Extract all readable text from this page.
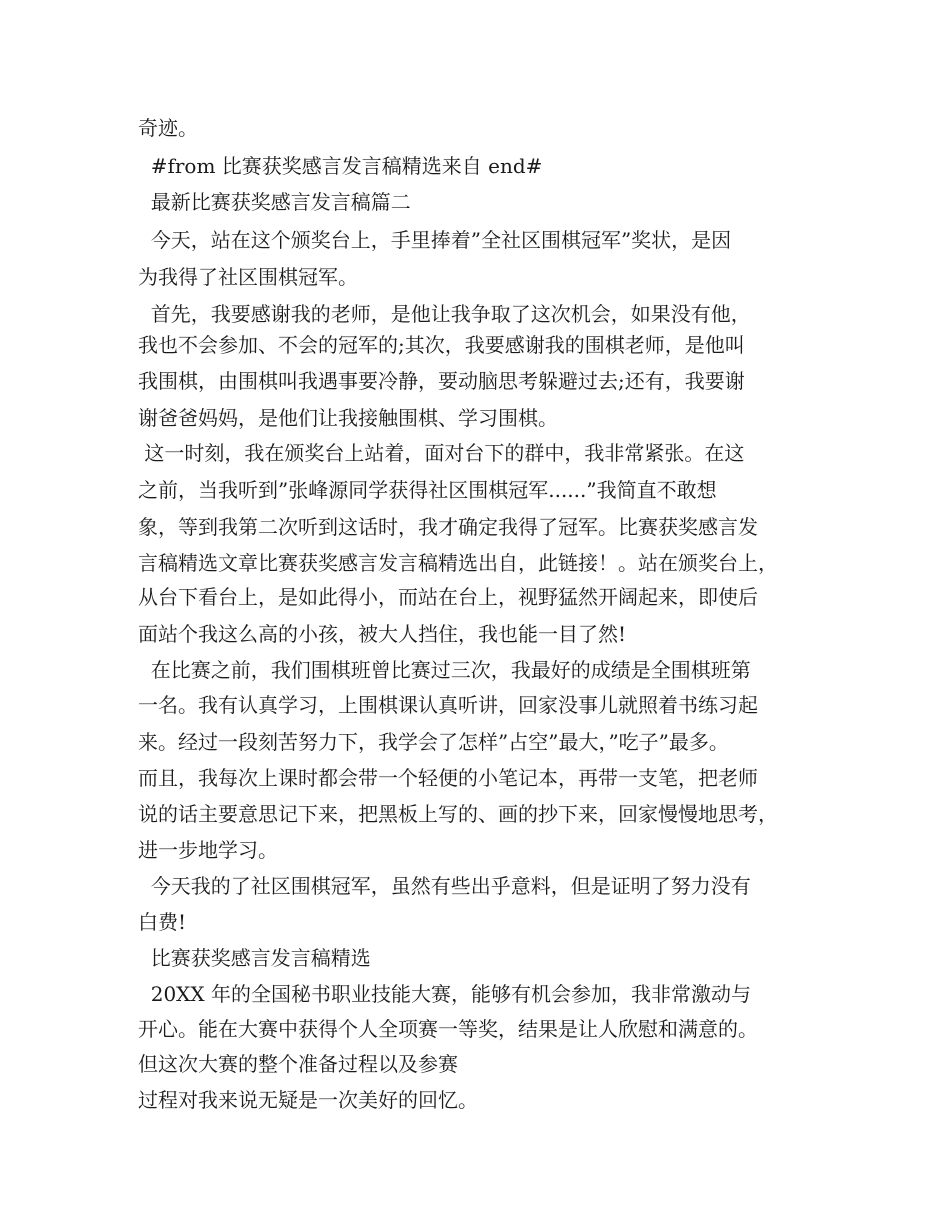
奇迹。
#from 比赛获奖感言发言稿精选来自 end#
最新比赛获奖感言发言稿篇二
今天，站在这个颁奖台上，手里捧着”全社区围棋冠军”奖状，是因
为我得了社区围棋冠军。
首先，我要感谢我的老师，是他让我争取了这次机会，如果没有他，
我也不会参加、不会的冠军的;其次，我要感谢我的围棋老师，是他叫
我围棋，由围棋叫我遇事要冷静，要动脑思考躲避过去;还有，我要谢
谢爸爸妈妈，是他们让我接触围棋、学习围棋。
这一时刻，我在颁奖台上站着，面对台下的群中，我非常紧张。在这
之前，当我听到”张峰源同学获得社区围棋冠军......”我简直不敢想
象，等到我第二次听到这话时，我才确定我得了冠军。比赛获奖感言发
言稿精选文章比赛获奖感言发言稿精选出自，此链接！。站在颁奖台上，
从台下看台上，是如此得小，而站在台上，视野猛然开阔起来，即使后
面站个我这么高的小孩，被大人挡住，我也能一目了然!
在比赛之前，我们围棋班曾比赛过三次，我最好的成绩是全围棋班第
一名。我有认真学习，上围棋课认真听讲，回家没事儿就照着书练习起
来。经过一段刻苦努力下，我学会了怎样”占空”最大，”吃子”最多。
而且，我每次上课时都会带一个轻便的小笔记本，再带一支笔，把老师
说的话主要意思记下来，把黑板上写的、画的抄下来，回家慢慢地思考，
进一步地学习。
今天我的了社区围棋冠军，虽然有些出乎意料，但是证明了努力没有
白费!
比赛获奖感言发言稿精选
20XX 年的全国秘书职业技能大赛，能够有机会参加，我非常激动与
开心。能在大赛中获得个人全项赛一等奖，结果是让人欣慰和满意的。
但这次大赛的整个准备过程以及参赛
过程对我来说无疑是一次美好的回忆。
